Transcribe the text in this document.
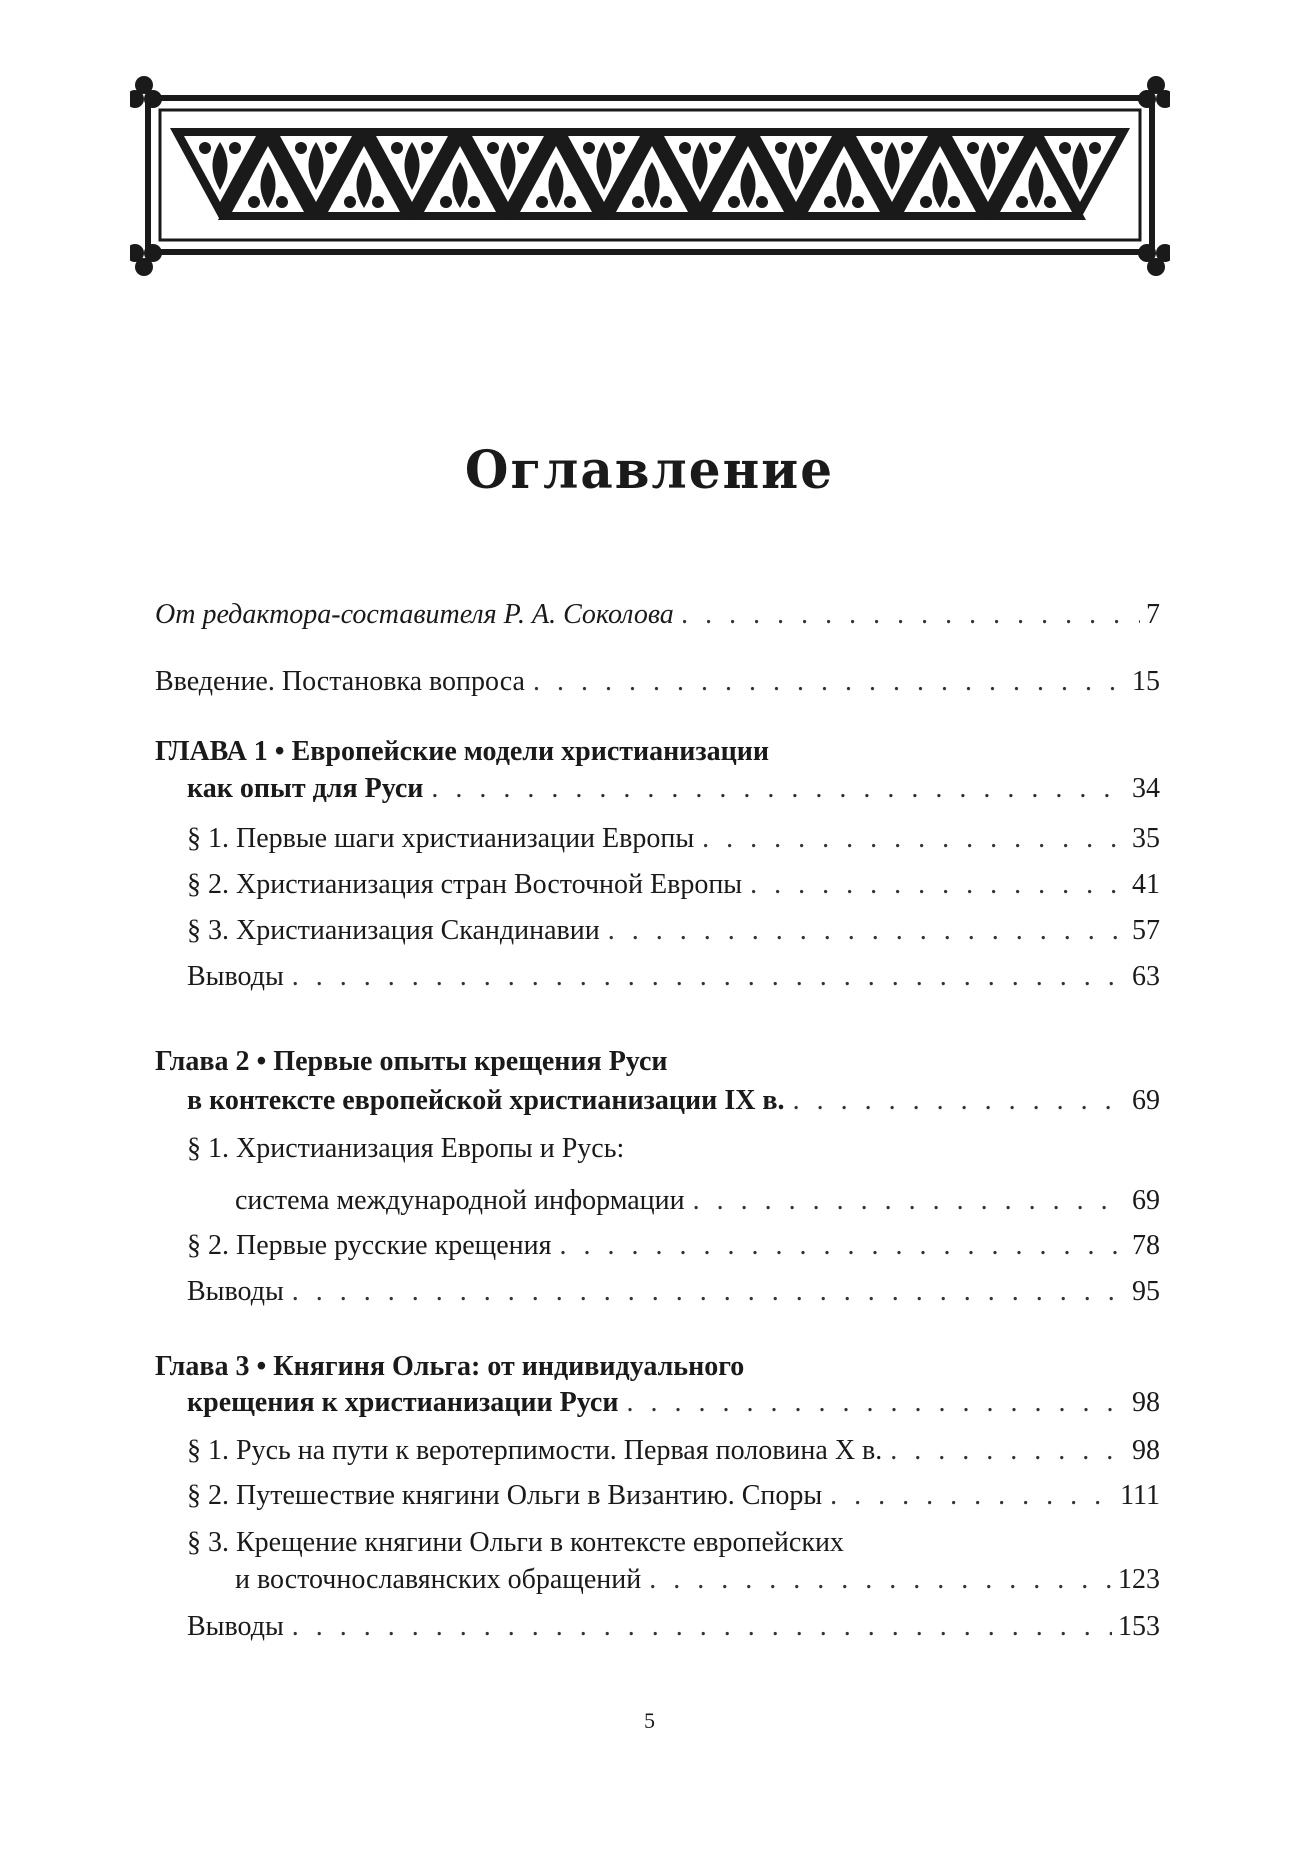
Оглавление
От редактора-составителя Р. А. Соколова . . .	7
Введение. Постановка вопроса . . .	15
ГЛАВА 1 • Европейские модели христианизации
как опыт для Руси . . .	34
§ 1. Первые шаги христианизации Европы . . .	35
§ 2. Христианизация стран Восточной Европы . . .	41
§ 3. Христианизация Скандинавии . . .	57
Выводы . . .	63
Глава 2 • Первые опыты крещения Руси
в контексте европейской христианизации IX в. . . .	69
§ 1. Христианизация Европы и Русь:
система международной информации . . .	69
§ 2. Первые русские крещения . . .	78
Выводы . . .	95
Глава 3 • Княгиня Ольга: от индивидуального
крещения к христианизации Руси . . .	98
§ 1. Русь на пути к веротерпимости. Первая половина X в. . . .	98
§ 2. Путешествие княгини Ольги в Византию. Споры . . .	111
§ 3. Крещение княгини Ольги в контексте европейских
и восточнославянских обращений . . .	123
Выводы . . .	153
5
